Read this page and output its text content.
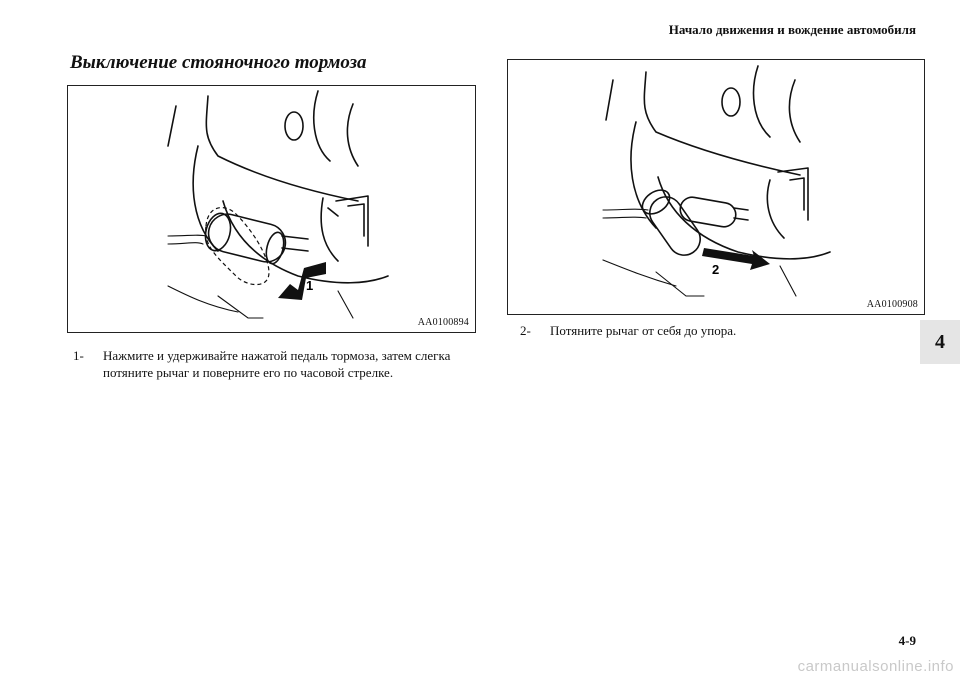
Начало движения и вождение автомобиля
Выключение стояночного тормоза
1
AA0100894
2
AA0100908
1-	Нажмите и удерживайте нажатой педаль тормоза, затем слегка потяните рычаг и поверните его по часовой стрелке.
2-	Потяните рычаг от себя до упора.	4
4-9
carmanualsonline.info
